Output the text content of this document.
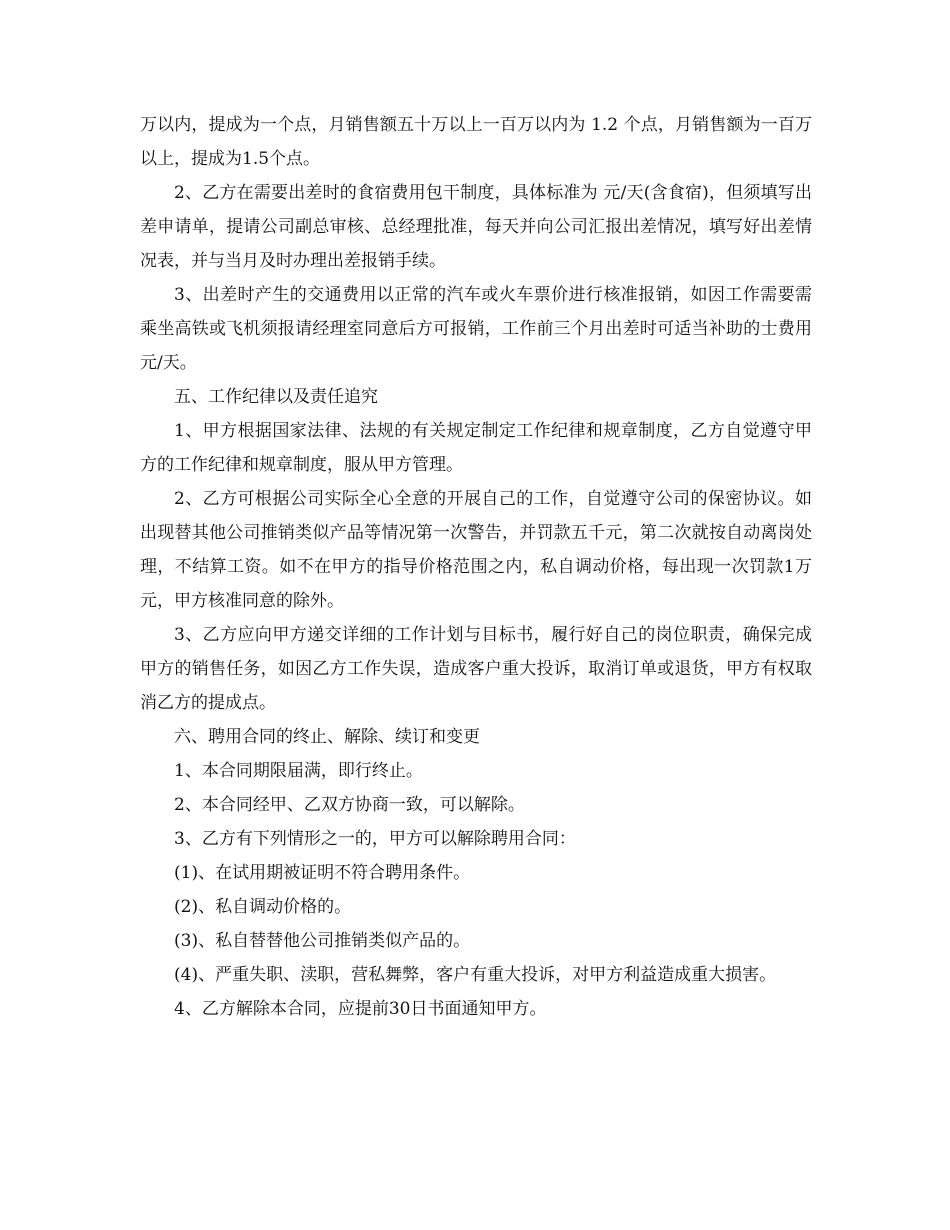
万以内，提成为一个点，月销售额五十万以上一百万以内为 1.2 个点，月销售额为一百万以上，提成为1.5个点。

2、乙方在需要出差时的食宿费用包干制度，具体标准为 元/天(含食宿)，但须填写出差申请单，提请公司副总审核、总经理批准，每天并向公司汇报出差情况，填写好出差情况表，并与当月及时办理出差报销手续。

3、出差时产生的交通费用以正常的汽车或火车票价进行核准报销，如因工作需要需乘坐高铁或飞机须报请经理室同意后方可报销，工作前三个月出差时可适当补助的士费用 元/天。

五、工作纪律以及责任追究

1、甲方根据国家法律、法规的有关规定制定工作纪律和规章制度，乙方自觉遵守甲方的工作纪律和规章制度，服从甲方管理。

2、乙方可根据公司实际全心全意的开展自己的工作，自觉遵守公司的保密协议。如出现替其他公司推销类似产品等情况第一次警告，并罚款五千元，第二次就按自动离岗处理，不结算工资。如不在甲方的指导价格范围之内，私自调动价格，每出现一次罚款1万元，甲方核准同意的除外。

3、乙方应向甲方递交详细的工作计划与目标书，履行好自己的岗位职责，确保完成甲方的销售任务，如因乙方工作失误，造成客户重大投诉，取消订单或退货，甲方有权取消乙方的提成点。

六、聘用合同的终止、解除、续订和变更

1、本合同期限届满，即行终止。

2、本合同经甲、乙双方协商一致，可以解除。

3、乙方有下列情形之一的，甲方可以解除聘用合同：

(1)、在试用期被证明不符合聘用条件。

(2)、私自调动价格的。

(3)、私自替替他公司推销类似产品的。

(4)、严重失职、渎职，营私舞弊，客户有重大投诉，对甲方利益造成重大损害。

4、乙方解除本合同，应提前30日书面通知甲方。
